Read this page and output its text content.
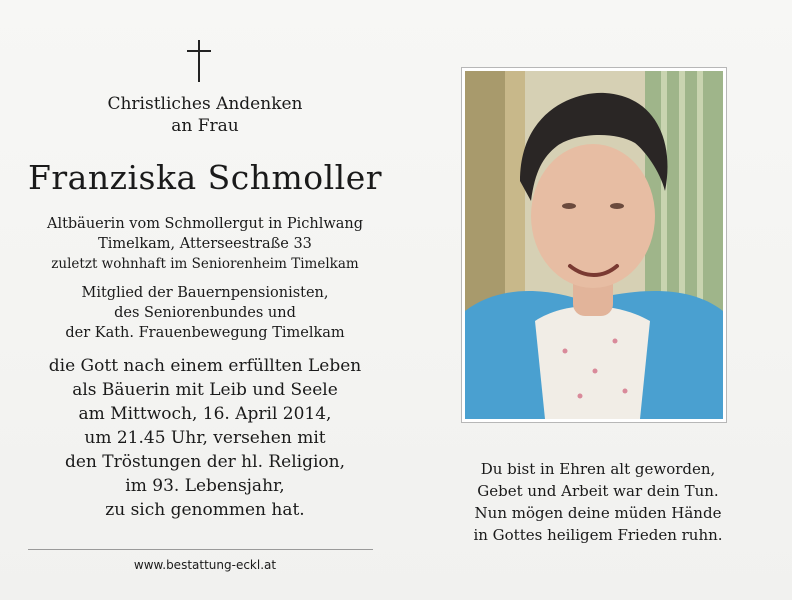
Christliches Andenken
an Frau
Franziska Schmoller
Altbäuerin vom Schmollergut in Pichlwang
Timelkam, Atterseestraße 33
zuletzt wohnhaft im Seniorenheim Timelkam
Mitglied der Bauernpensionisten,
des Seniorenbundes und
der Kath. Frauenbewegung Timelkam
die Gott nach einem erfüllten Leben
als Bäuerin mit Leib und Seele
am Mittwoch, 16. April 2014,
um 21.45 Uhr, versehen mit
den Tröstungen der hl. Religion,
im 93. Lebensjahr,
zu sich genommen hat.
www.bestattung-eckl.at
Du bist in Ehren alt geworden,
Gebet und Arbeit war dein Tun.
Nun mögen deine müden Hände
in Gottes heiligem Frieden ruhn.
